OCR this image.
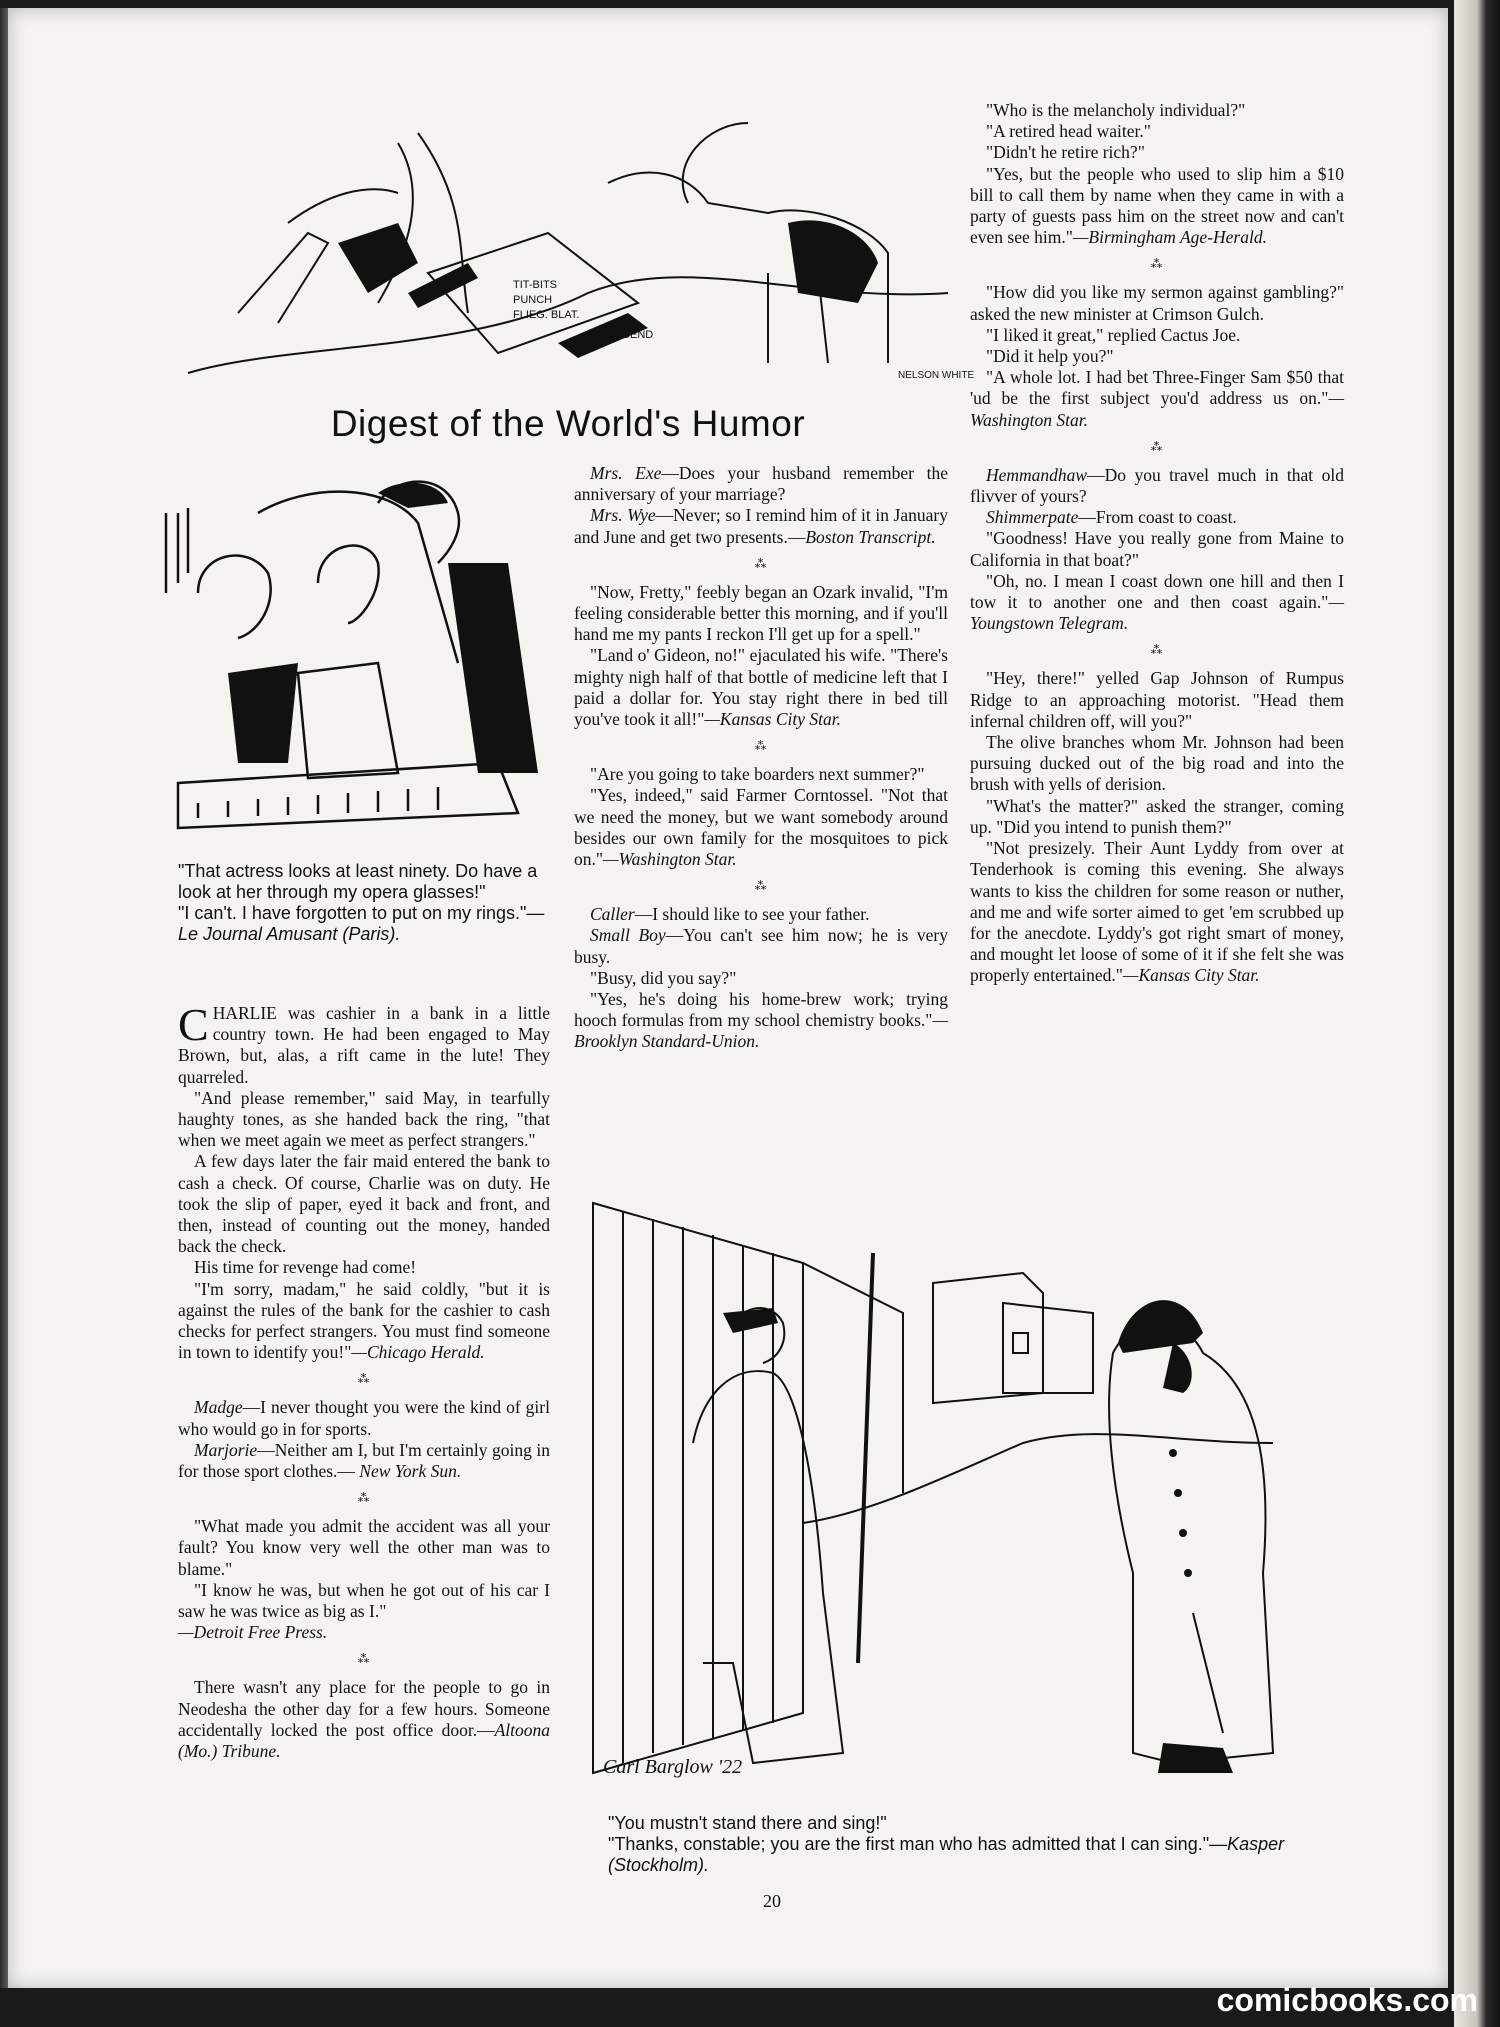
TIT-BITS
PUNCH
FLIEG. BLAT.
JUGEND
NELSON WHITE
Digest of the World's Humor

"That actress looks at least ninety. Do have a look at her through my opera glasses!"

"I can't. I have forgotten to put on my rings."—Le Journal Amusant (Paris).

CHARLIE was cashier in a bank in a little country town. He had been engaged to May Brown, but, alas, a rift came in the lute! They quarreled.

"And please remember," said May, in tearfully haughty tones, as she handed back the ring, "that when we meet again we meet as perfect strangers."

A few days later the fair maid entered the bank to cash a check. Of course, Charlie was on duty. He took the slip of paper, eyed it back and front, and then, instead of counting out the money, handed back the check.

His time for revenge had come!

"I'm sorry, madam," he said coldly, "but it is against the rules of the bank for the cashier to cash checks for perfect strangers. You must find someone in town to identify you!"—Chicago Herald.

⁂

Madge—I never thought you were the kind of girl who would go in for sports.

Marjorie—Neither am I, but I'm certainly going in for those sport clothes.— New York Sun.

⁂

"What made you admit the accident was all your fault? You know very well the other man was to blame."

"I know he was, but when he got out of his car I saw he was twice as big as I."

—Detroit Free Press.

⁂

There wasn't any place for the people to go in Neodesha the other day for a few hours. Someone accidentally locked the post office door.—Altoona (Mo.) Tribune.

Mrs. Exe—Does your husband remember the anniversary of your marriage?

Mrs. Wye—Never; so I remind him of it in January and June and get two presents.—Boston Transcript.

⁂

"Now, Fretty," feebly began an Ozark invalid, "I'm feeling considerable better this morning, and if you'll hand me my pants I reckon I'll get up for a spell."

"Land o' Gideon, no!" ejaculated his wife. "There's mighty nigh half of that bottle of medicine left that I paid a dollar for. You stay right there in bed till you've took it all!"—Kansas City Star.

⁂

"Are you going to take boarders next summer?"

"Yes, indeed," said Farmer Corntossel. "Not that we need the money, but we want somebody around besides our own family for the mosquitoes to pick on."—Washington Star.

⁂

Caller—I should like to see your father.

Small Boy—You can't see him now; he is very busy.

"Busy, did you say?"

"Yes, he's doing his home-brew work; trying hooch formulas from my school chemistry books."—Brooklyn Standard-Union.

"Who is the melancholy individual?"

"A retired head waiter."

"Didn't he retire rich?"

"Yes, but the people who used to slip him a $10 bill to call them by name when they came in with a party of guests pass him on the street now and can't even see him."—Birmingham Age-Herald.

⁂

"How did you like my sermon against gambling?" asked the new minister at Crimson Gulch.

"I liked it great," replied Cactus Joe.

"Did it help you?"

"A whole lot. I had bet Three-Finger Sam $50 that 'ud be the first subject you'd address us on."—Washington Star.

⁂

Hemmandhaw—Do you travel much in that old flivver of yours?

Shimmerpate—From coast to coast.

"Goodness! Have you really gone from Maine to California in that boat?"

"Oh, no. I mean I coast down one hill and then I tow it to another one and then coast again."—Youngstown Telegram.

⁂

"Hey, there!" yelled Gap Johnson of Rumpus Ridge to an approaching motorist. "Head them infernal children off, will you?"

The olive branches whom Mr. Johnson had been pursuing ducked out of the big road and into the brush with yells of derision.

"What's the matter?" asked the stranger, coming up. "Did you intend to punish them?"

"Not presizely. Their Aunt Lyddy from over at Tenderhook is coming this evening. She always wants to kiss the children for some reason or nuther, and me and wife sorter aimed to get 'em scrubbed up for the anecdote. Lyddy's got right smart of money, and mought let loose of some of it if she felt she was properly entertained."—Kansas City Star.

Carl Barglow '22

"You mustn't stand there and sing!"

"Thanks, constable; you are the first man who has admitted that I can sing."—Kasper (Stockholm).

20
comicbooks.com
